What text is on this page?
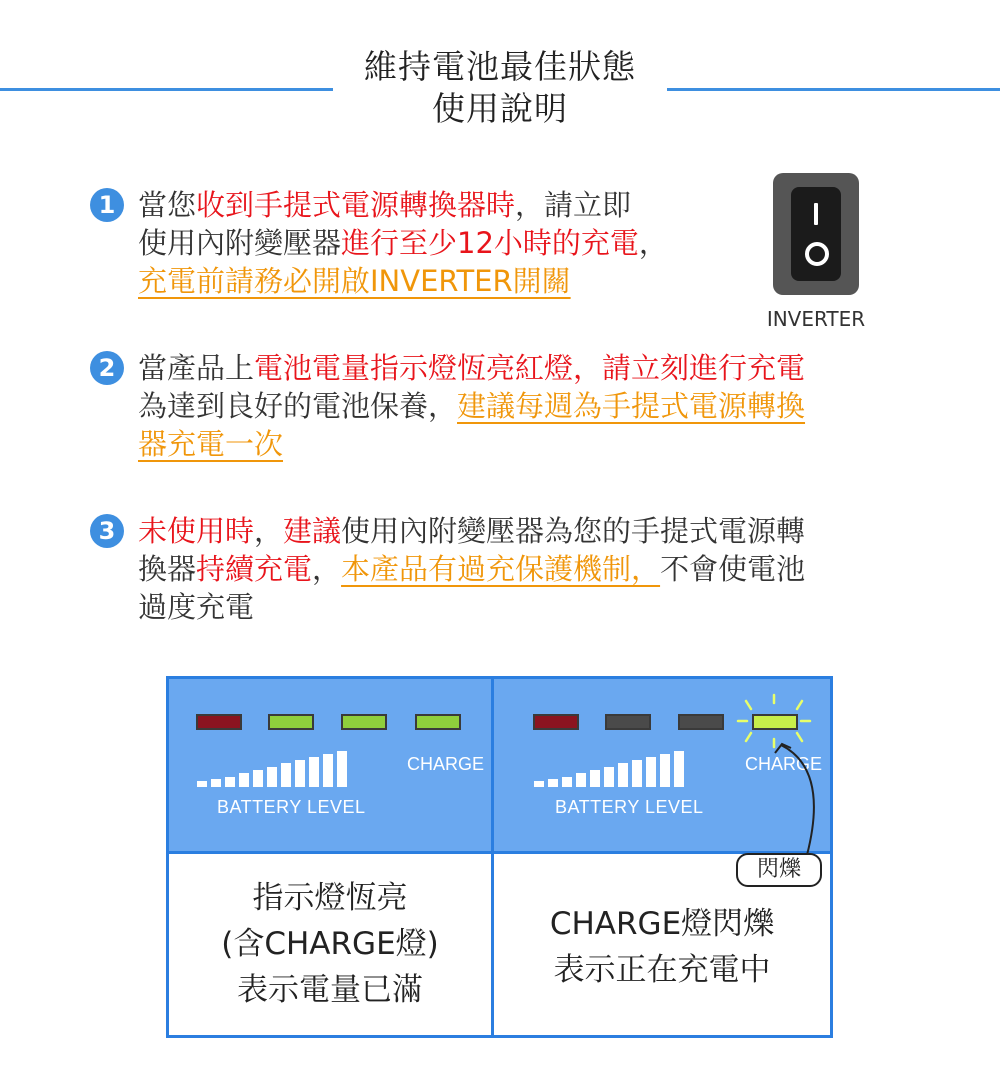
維持電池最佳狀態
使用說明
1 當您收到手提式電源轉換器時，請立即
使用內附變壓器進行至少12小時的充電，
充電前請務必開啟INVERTER開關
2 當產品上電池電量指示燈恆亮紅燈，請立刻進行充電
為達到良好的電池保養，建議每週為手提式電源轉換
器充電一次
3 未使用時，建議使用內附變壓器為您的手提式電源轉
換器持續充電，本產品有過充保護機制，不會使電池
過度充電
INVERTER
CHARGE
BATTERY LEVEL
CHARGE
BATTERY LEVEL
閃爍
指示燈恆亮
(含CHARGE燈)
表示電量已滿
CHARGE燈閃爍
表示正在充電中
